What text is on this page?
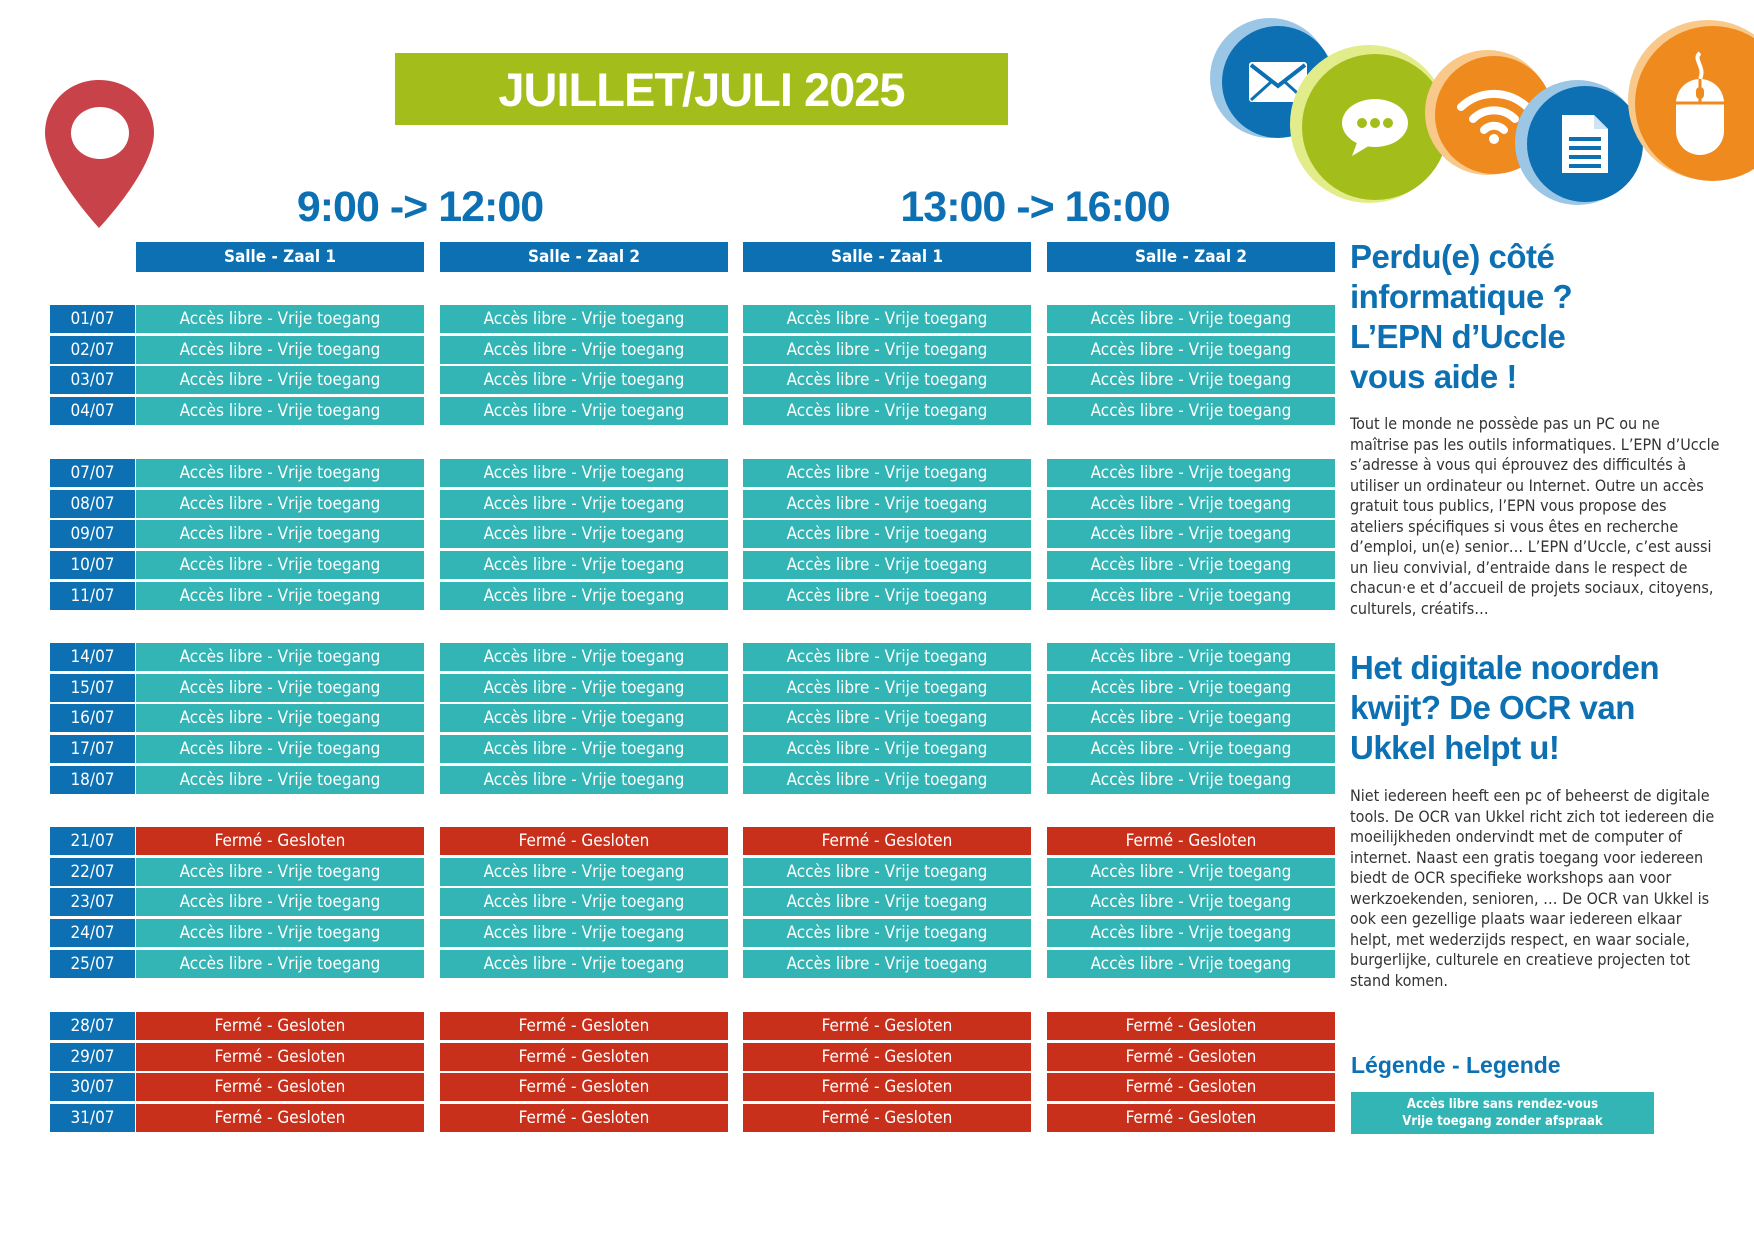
JUILLET/JULI 2025
9:00 -> 12:00	13:00 -> 16:00
Salle - Zaal 1	Salle - Zaal 2	Salle - Zaal 1	Salle - Zaal 2
01/07	Accès libre - Vrije toegang	Accès libre - Vrije toegang	Accès libre - Vrije toegang	Accès libre - Vrije toegang
02/07	Accès libre - Vrije toegang	Accès libre - Vrije toegang	Accès libre - Vrije toegang	Accès libre - Vrije toegang
03/07	Accès libre - Vrije toegang	Accès libre - Vrije toegang	Accès libre - Vrije toegang	Accès libre - Vrije toegang
04/07	Accès libre - Vrije toegang	Accès libre - Vrije toegang	Accès libre - Vrije toegang	Accès libre - Vrije toegang
07/07	Accès libre - Vrije toegang	Accès libre - Vrije toegang	Accès libre - Vrije toegang	Accès libre - Vrije toegang
08/07	Accès libre - Vrije toegang	Accès libre - Vrije toegang	Accès libre - Vrije toegang	Accès libre - Vrije toegang
09/07	Accès libre - Vrije toegang	Accès libre - Vrije toegang	Accès libre - Vrije toegang	Accès libre - Vrije toegang
10/07	Accès libre - Vrije toegang	Accès libre - Vrije toegang	Accès libre - Vrije toegang	Accès libre - Vrije toegang
11/07	Accès libre - Vrije toegang	Accès libre - Vrije toegang	Accès libre - Vrije toegang	Accès libre - Vrije toegang
14/07	Accès libre - Vrije toegang	Accès libre - Vrije toegang	Accès libre - Vrije toegang	Accès libre - Vrije toegang
15/07	Accès libre - Vrije toegang	Accès libre - Vrije toegang	Accès libre - Vrije toegang	Accès libre - Vrije toegang
16/07	Accès libre - Vrije toegang	Accès libre - Vrije toegang	Accès libre - Vrije toegang	Accès libre - Vrije toegang
17/07	Accès libre - Vrije toegang	Accès libre - Vrije toegang	Accès libre - Vrije toegang	Accès libre - Vrije toegang
18/07	Accès libre - Vrije toegang	Accès libre - Vrije toegang	Accès libre - Vrije toegang	Accès libre - Vrije toegang
21/07	Fermé - Gesloten	Fermé - Gesloten	Fermé - Gesloten	Fermé - Gesloten
22/07	Accès libre - Vrije toegang	Accès libre - Vrije toegang	Accès libre - Vrije toegang	Accès libre - Vrije toegang
23/07	Accès libre - Vrije toegang	Accès libre - Vrije toegang	Accès libre - Vrije toegang	Accès libre - Vrije toegang
24/07	Accès libre - Vrije toegang	Accès libre - Vrije toegang	Accès libre - Vrije toegang	Accès libre - Vrije toegang
25/07	Accès libre - Vrije toegang	Accès libre - Vrije toegang	Accès libre - Vrije toegang	Accès libre - Vrije toegang
28/07	Fermé - Gesloten	Fermé - Gesloten	Fermé - Gesloten	Fermé - Gesloten
29/07	Fermé - Gesloten	Fermé - Gesloten	Fermé - Gesloten	Fermé - Gesloten
30/07	Fermé - Gesloten	Fermé - Gesloten	Fermé - Gesloten	Fermé - Gesloten
31/07	Fermé - Gesloten	Fermé - Gesloten	Fermé - Gesloten	Fermé - Gesloten
Perdu(e) côté
informatique ?
L’EPN d’Uccle
vous aide !
Tout le monde ne possède pas un PC ou ne maîtrise pas les outils informatiques. L’EPN d’Uccle s’adresse à vous qui éprouvez des difficultés à utiliser un ordinateur ou Internet. Outre un accès gratuit tous publics, l’EPN vous propose des ateliers spécifiques si vous êtes en recherche d’emploi, un(e) senior… L’EPN d’Uccle, c’est aussi un lieu convivial, d’entraide dans le respect de chacun·e et d’accueil de projets sociaux, citoyens, culturels, créatifs…
Het digitale noorden
kwijt? De OCR van
Ukkel helpt u!
Niet iedereen heeft een pc of beheerst de digitale tools. De OCR van Ukkel richt zich tot iedereen die moeilijkheden ondervindt met de computer of internet. Naast een gratis toegang voor iedereen biedt de OCR specifieke workshops aan voor werkzoekenden, senioren, … De OCR van Ukkel is ook een gezellige plaats waar iedereen elkaar helpt, met wederzijds respect, en waar sociale, burgerlijke, culturele en creatieve projecten tot stand komen.
Légende - Legende
Accès libre sans rendez-vous
Vrije toegang zonder afspraak
